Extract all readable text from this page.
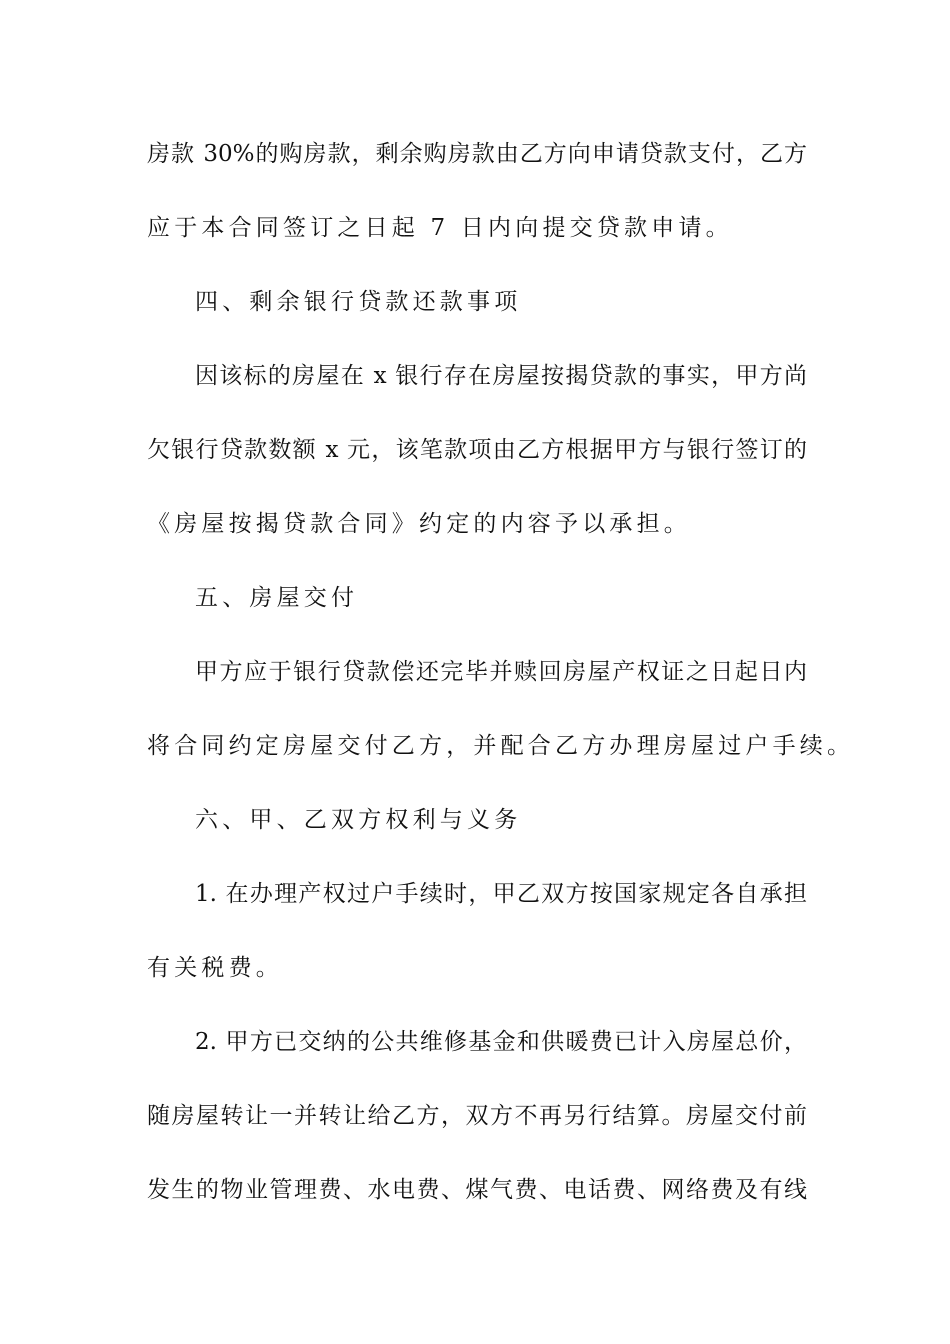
房款 30%的购房款，剩余购房款由乙方向申请贷款支付，乙方
应于本合同签订之日起 7 日内向提交贷款申请。
四、剩余银行贷款还款事项
因该标的房屋在 x 银行存在房屋按揭贷款的事实，甲方尚
欠银行贷款数额 x 元，该笔款项由乙方根据甲方与银行签订的
《房屋按揭贷款合同》约定的内容予以承担。
五、房屋交付
甲方应于银行贷款偿还完毕并赎回房屋产权证之日起日内
将合同约定房屋交付乙方，并配合乙方办理房屋过户手续。
六、甲、乙双方权利与义务
1. 在办理产权过户手续时，甲乙双方按国家规定各自承担
有关税费。
2. 甲方已交纳的公共维修基金和供暖费已计入房屋总价，
随房屋转让一并转让给乙方，双方不再另行结算。房屋交付前
发生的物业管理费、水电费、煤气费、电话费、网络费及有线
